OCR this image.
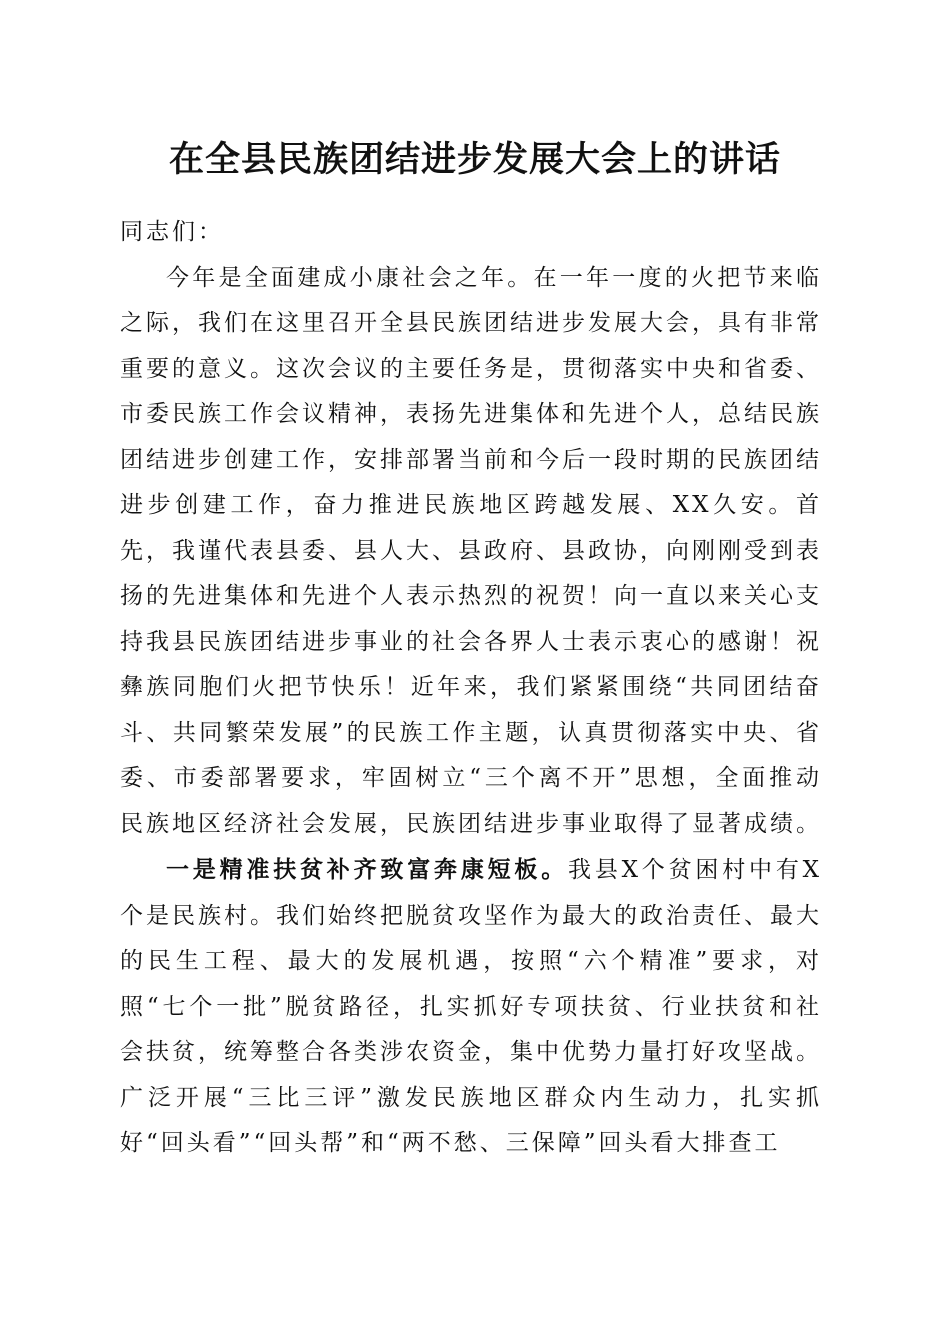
在全县民族团结进步发展大会上的讲话

同志们：

今年是全面建成小康社会之年。在一年一度的火把节来临之际，我们在这里召开全县民族团结进步发展大会，具有非常重要的意义。这次会议的主要任务是，贯彻落实中央和省委、市委民族工作会议精神，表扬先进集体和先进个人，总结民族团结进步创建工作，安排部署当前和今后一段时期的民族团结进步创建工作，奋力推进民族地区跨越发展、XX久安。首先，我谨代表县委、县人大、县政府、县政协，向刚刚受到表扬的先进集体和先进个人表示热烈的祝贺！向一直以来关心支持我县民族团结进步事业的社会各界人士表示衷心的感谢！祝彝族同胞们火把节快乐！近年来，我们紧紧围绕“共同团结奋斗、共同繁荣发展”的民族工作主题，认真贯彻落实中央、省委、市委部署要求，牢固树立“三个离不开”思想，全面推动民族地区经济社会发展，民族团结进步事业取得了显著成绩。

一是精准扶贫补齐致富奔康短板。我县X个贫困村中有X个是民族村。我们始终把脱贫攻坚作为最大的政治责任、最大的民生工程、最大的发展机遇，按照“六个精准”要求，对照“七个一批”脱贫路径，扎实抓好专项扶贫、行业扶贫和社会扶贫，统筹整合各类涉农资金，集中优势力量打好攻坚战。广泛开展“三比三评”激发民族地区群众内生动力，扎实抓好“回头看”“回头帮”和“两不愁、三保障”回头看大排查工
